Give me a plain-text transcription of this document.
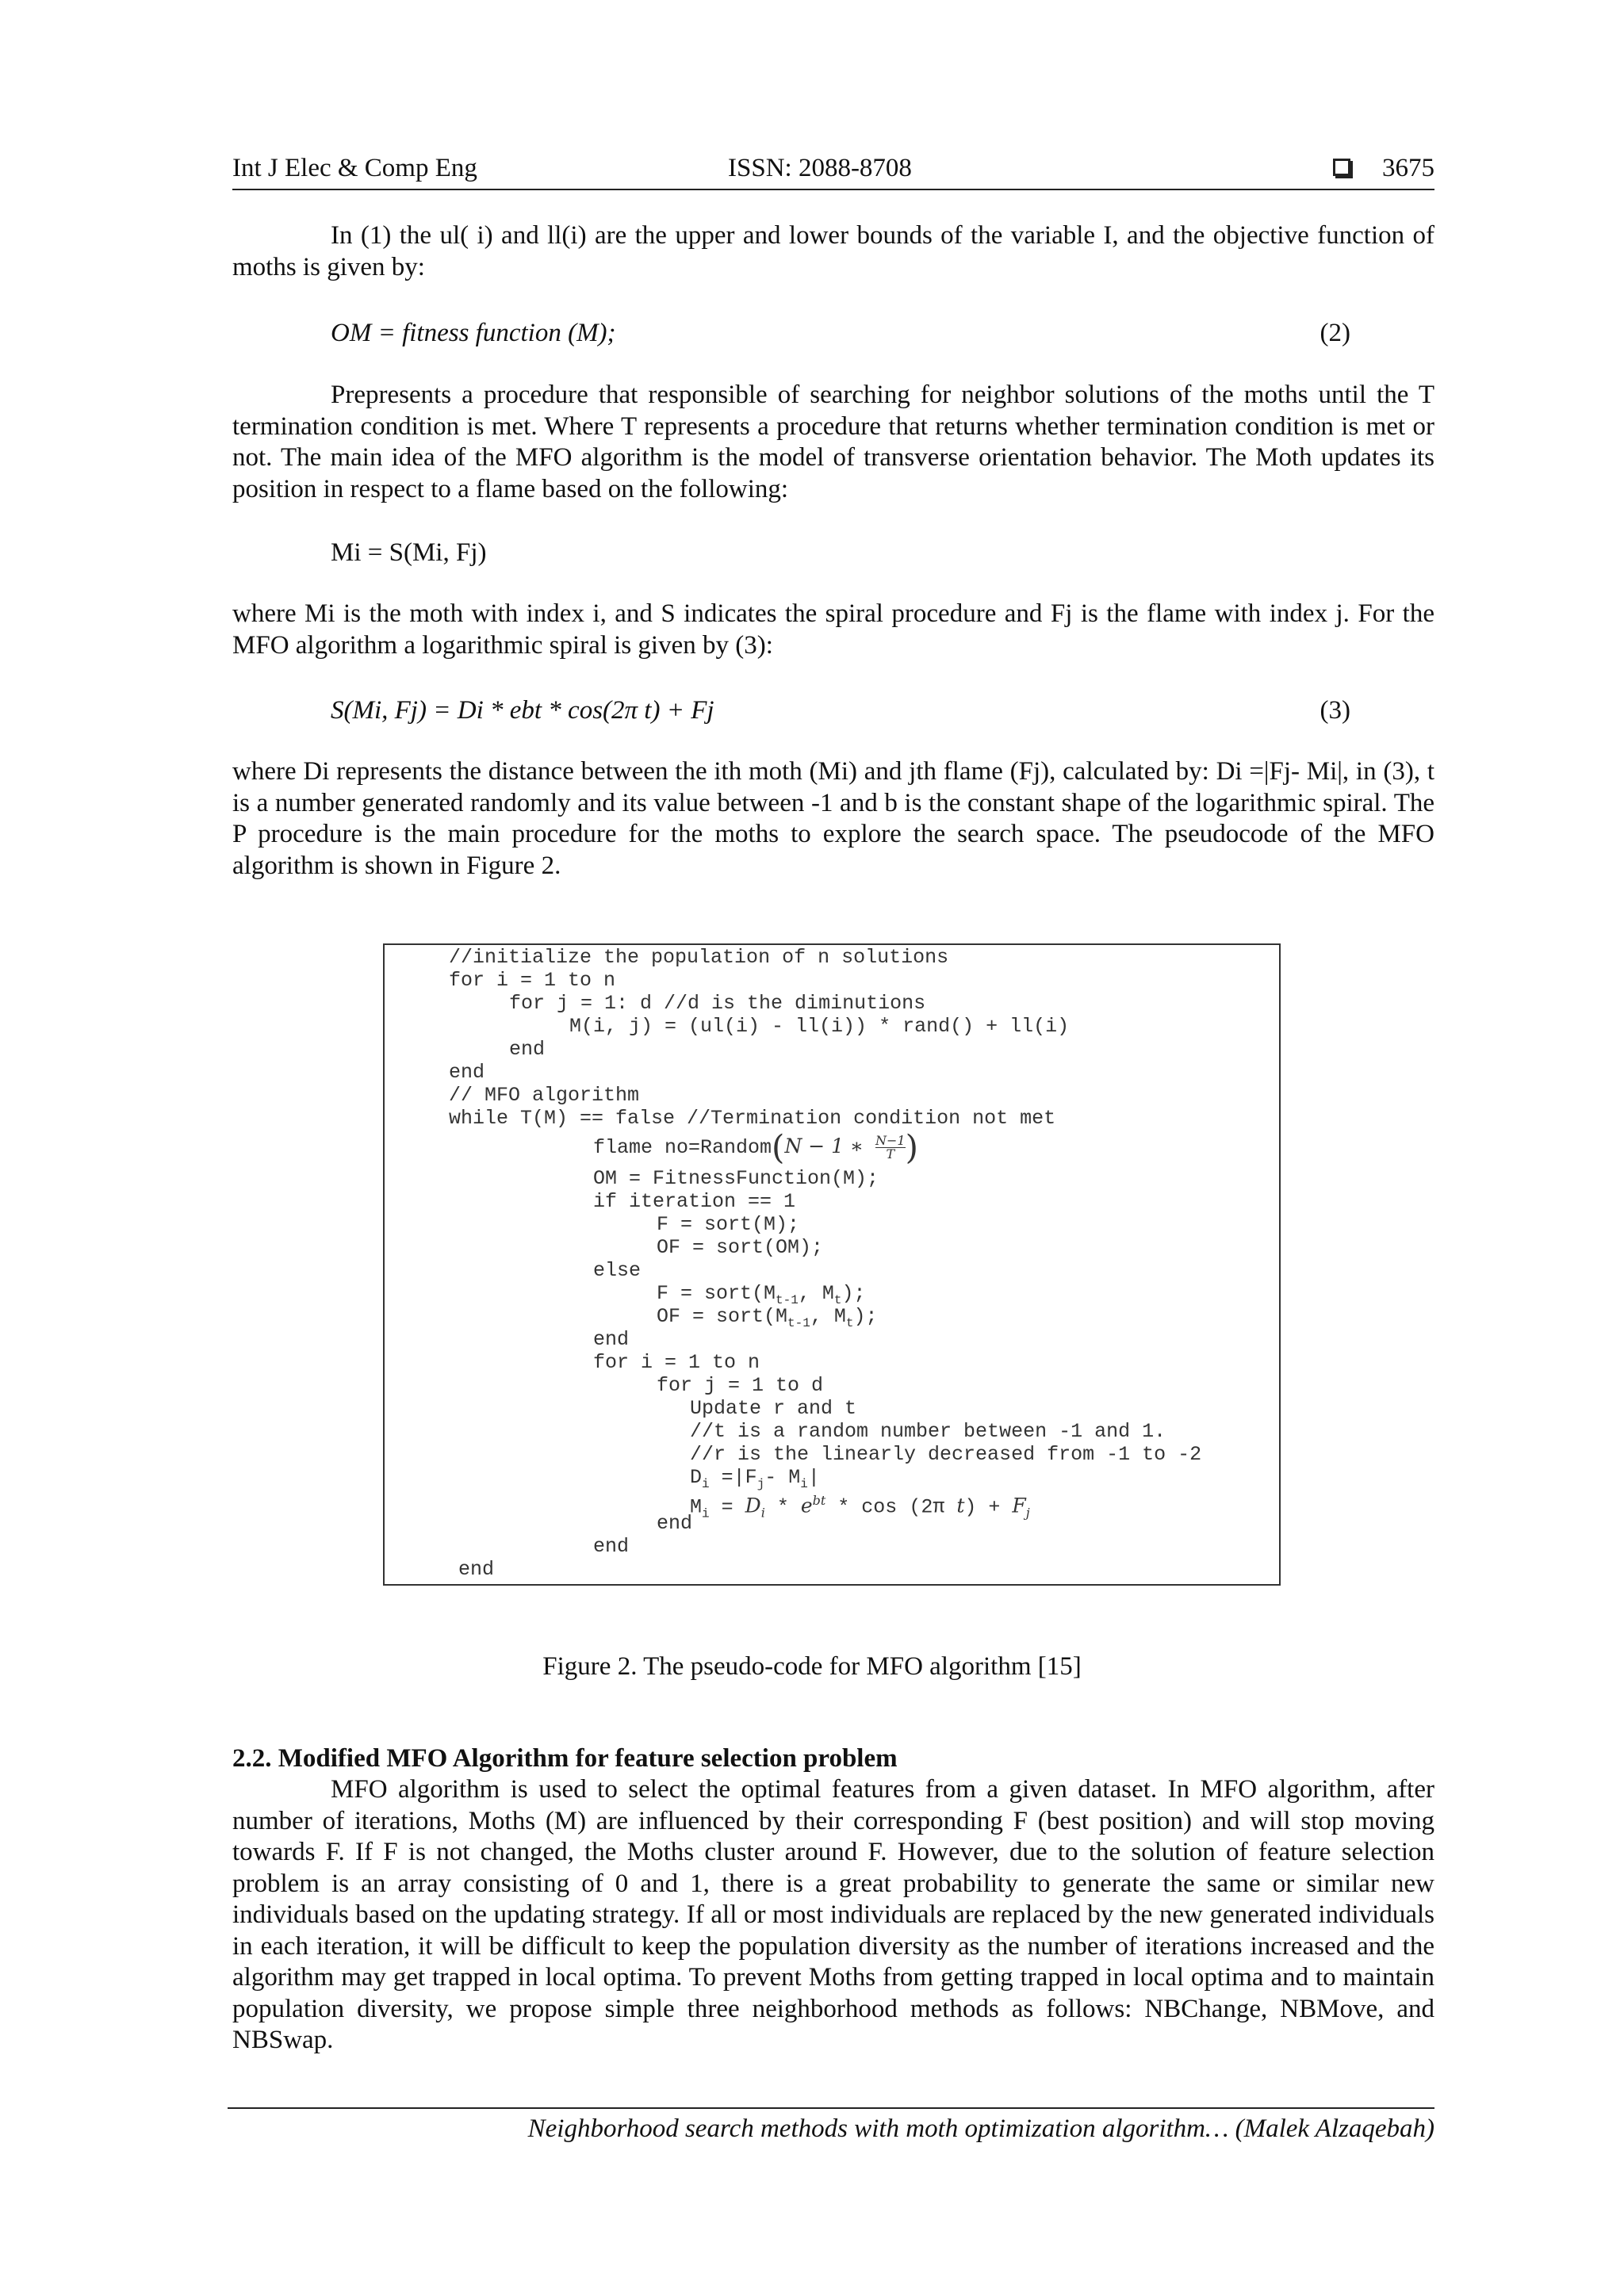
Int J Elec & Comp Eng	ISSN: 2088-8708	3675

In (1) the ul( i) and ll(i) are the upper and lower bounds of the variable I, and the objective function of moths is given by:

OM = fitness function (M);	(2)

Prepresents a procedure that responsible of searching for neighbor solutions of the moths until the T termination condition is met. Where T represents a procedure that returns whether termination condition is met or not. The main idea of the MFO algorithm is the model of transverse orientation behavior. The Moth updates its position in respect to a flame based on the following:

Mi = S(Mi, Fj)

where Mi is the moth with index i, and S indicates the spiral procedure and Fj is the flame with index j. For the MFO algorithm a logarithmic spiral is given by (3):

S(Mi, Fj) = Di * ebt * cos(2π t) + Fj	(3)

where Di represents the distance between the ith moth (Mi) and jth flame (Fj), calculated by: Di =|Fj- Mi|, in (3), t is a number generated randomly and its value between -1 and b is the constant shape of the logarithmic spiral. The P procedure is the main procedure for the moths to explore the search space. The pseudocode of the MFO algorithm is shown in Figure 2.

//initialize the population of n solutions
for i = 1 to n
for j = 1: d //d is the diminutions
M(i, j) = (ul(i) - ll(i)) * rand() + ll(i)
end
end
// MFO algorithm
while T(M) == false //Termination condition not met
flame no=Random(N − 1 ∗ $\frac{N-1}{T}$ )
OM = FitnessFunction(M);
if iteration == 1
F = sort(M);
OF = sort(OM);
else
$F = sort(M_{t-1}$, $M_t$);
OF = $sort(M_{t-1}$, $M_t$);
end
for i = 1 to n
for j = 1 to d
Update r and t
//t is a random number between -1 and 1.
//r is the linearly decreased from -1 to -2
$D_i =|F_j-$ $M_i|$
$M_i = D_i * e^{bt} * \cos (2\pi$ $t) + F_j$
end
end
end
Figure 2. The pseudo-code for MFO algorithm [15]
2.2. Modified MFO Algorithm for feature selection problem

MFO algorithm is used to select the optimal features from a given dataset. In MFO algorithm, after number of iterations, Moths (M) are influenced by their corresponding F (best position) and will stop moving towards F. If F is not changed, the Moths cluster around F. However, due to the solution of feature selection problem is an array consisting of 0 and 1, there is a great probability to generate the same or similar new individuals based on the updating strategy. If all or most individuals are replaced by the new generated individuals in each iteration, it will be difficult to keep the population diversity as the number of iterations increased and the algorithm may get trapped in local optima. To prevent Moths from getting trapped in local optima and to maintain population diversity, we propose simple three neighborhood methods as follows: NBChange, NBMove, and NBSwap.

Neighborhood search methods with moth optimization algorithm… (Malek Alzaqebah)
